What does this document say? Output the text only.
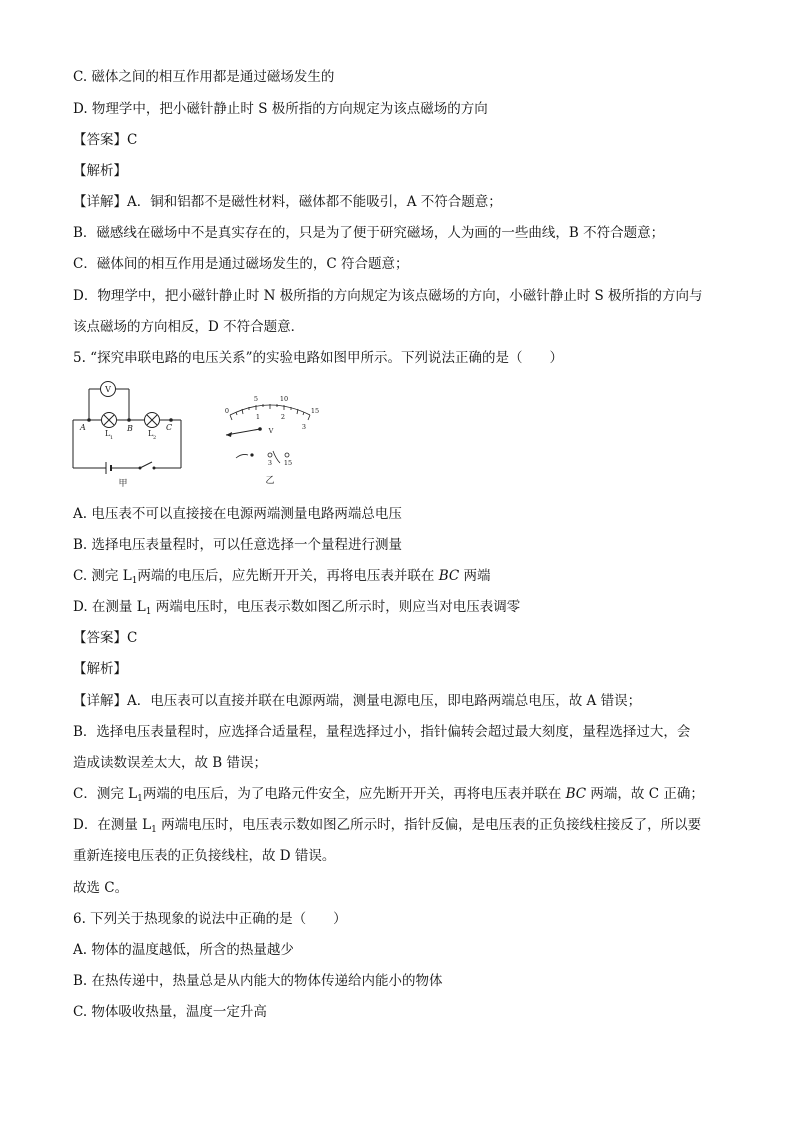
C. 磁体之间的相互作用都是通过磁场发生的
D. 物理学中，把小磁针静止时 S 极所指的方向规定为该点磁场的方向
【答案】C
【解析】
【详解】A．铜和铝都不是磁性材料，磁体都不能吸引，A 不符合题意；
B．磁感线在磁场中不是真实存在的，只是为了便于研究磁场，人为画的一些曲线，B 不符合题意；
C．磁体间的相互作用是通过磁场发生的，C 符合题意；
D．物理学中，把小磁针静止时 N 极所指的方向规定为该点磁场的方向，小磁针静止时 S 极所指的方向与
该点磁场的方向相反，D 不符合题意．
5. “探究串联电路的电压关系”的实验电路如图甲所示。下列说法正确的是（　　）
V
A	B	C
L 1	L 2
甲
0
5	10
15
1	2
3
V
3 15
乙
A. 电压表不可以直接接在电源两端测量电路两端总电压
B. 选择电压表量程时，可以任意选择一个量程进行测量
C. 测完 $L_1$两端的电压后，应先断开开关，再将电压表并联在 BC 两端
D. 在测量 $L_1$ 两端电压时，电压表示数如图乙所示时，则应当对电压表调零
【答案】C
【解析】
【详解】A．电压表可以直接并联在电源两端，测量电源电压，即电路两端总电压，故 A 错误；
B．选择电压表量程时，应选择合适量程，量程选择过小，指针偏转会超过最大刻度，量程选择过大，会
造成读数误差太大，故 B 错误；
C．测完 $L_1$两端的电压后，为了电路元件安全，应先断开开关，再将电压表并联在 BC 两端，故 C 正确；
D．在测量 $L_1$ 两端电压时，电压表示数如图乙所示时，指针反偏，是电压表的正负接线柱接反了，所以要
重新连接电压表的正负接线柱，故 D 错误。
故选 C。
6. 下列关于热现象的说法中正确的是（　　）
A. 物体的温度越低，所含的热量越少
B. 在热传递中，热量总是从内能大的物体传递给内能小的物体
C. 物体吸收热量，温度一定升高
